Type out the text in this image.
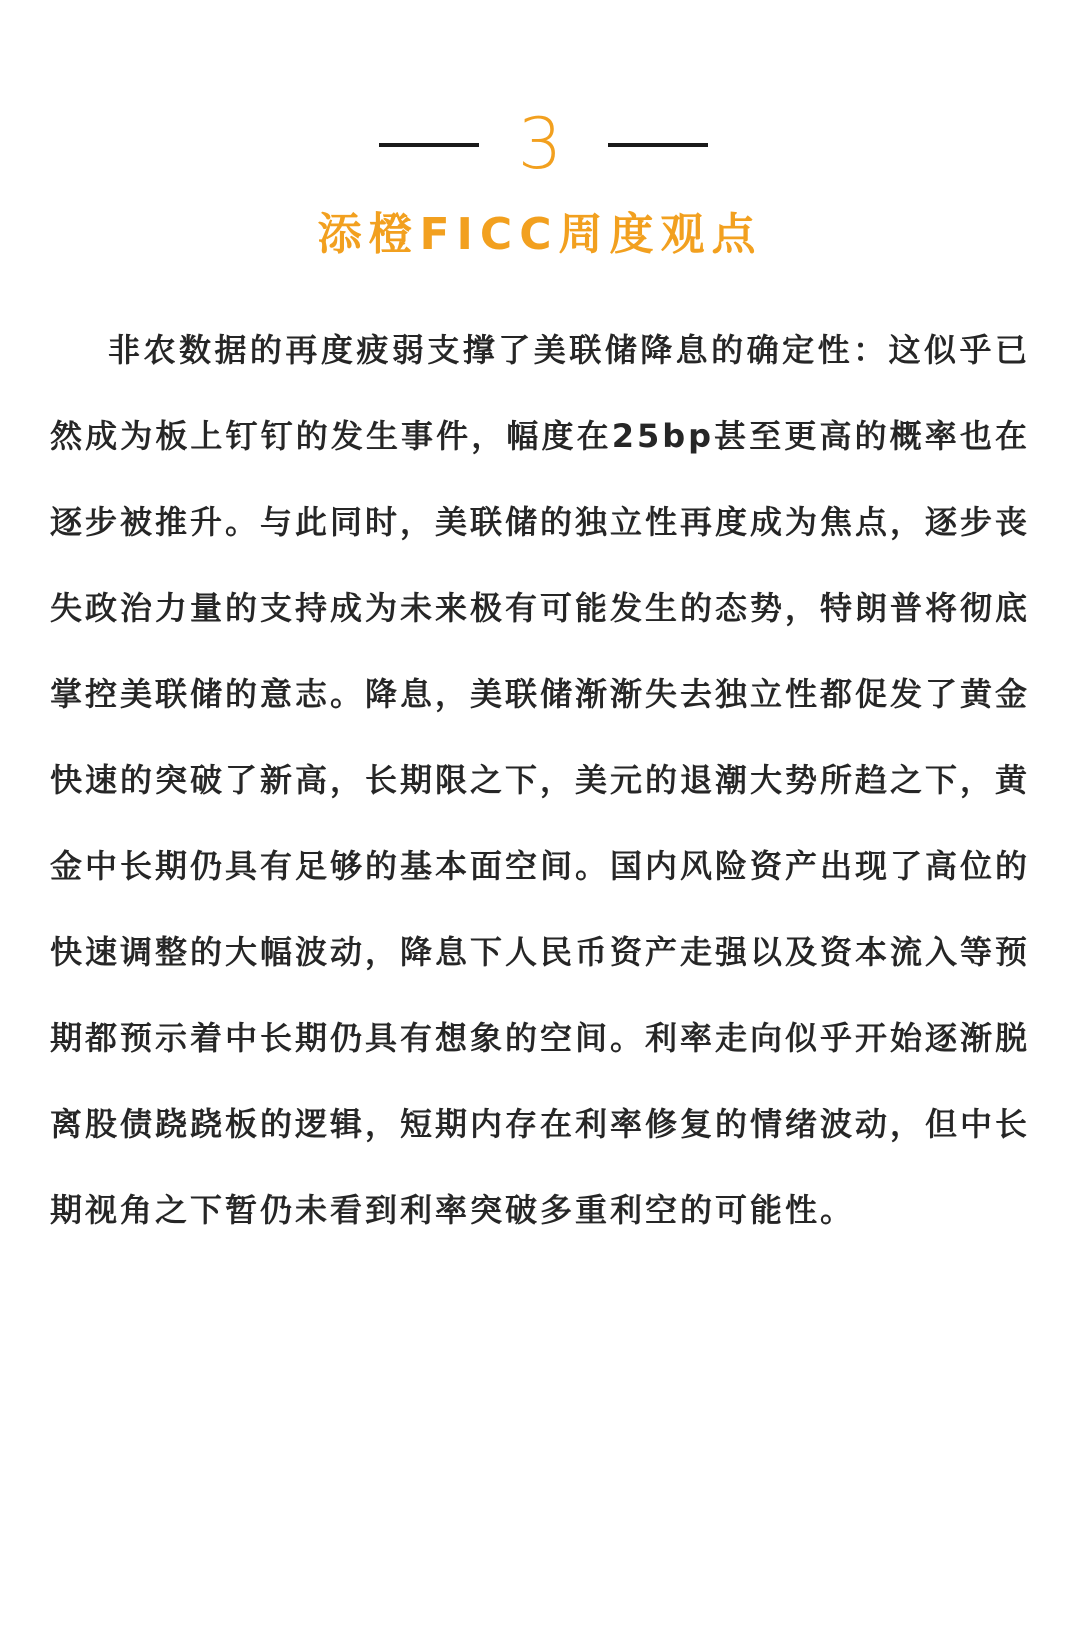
3
添橙FICC周度观点

非农数据的再度疲弱支撑了美联储降息的确定性：这似乎已然成为板上钉钉的发生事件，幅度在25bp甚至更高的概率也在逐步被推升。与此同时，美联储的独立性再度成为焦点，逐步丧失政治力量的支持成为未来极有可能发生的态势，特朗普将彻底掌控美联储的意志。降息，美联储渐渐失去独立性都促发了黄金快速的突破了新高，长期限之下，美元的退潮大势所趋之下，黄金中长期仍具有足够的基本面空间。国内风险资产出现了高位的快速调整的大幅波动，降息下人民币资产走强以及资本流入等预期都预示着中长期仍具有想象的空间。利率走向似乎开始逐渐脱离股债跷跷板的逻辑，短期内存在利率修复的情绪波动，但中长期视角之下暂仍未看到利率突破多重利空的可能性。
